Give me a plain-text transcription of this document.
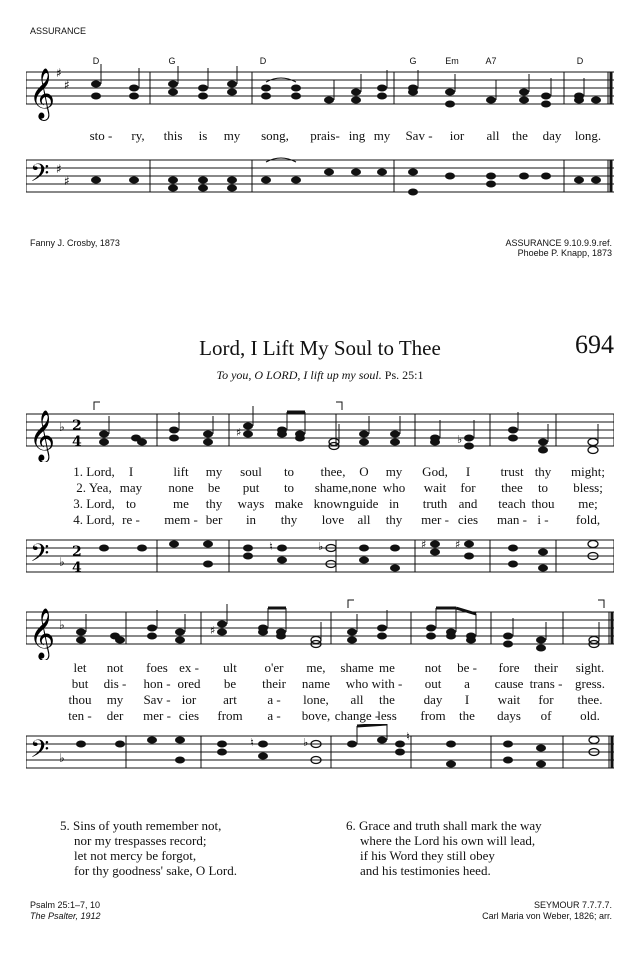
ASSURANCE
D	G	D	G	Em	A7	D
𝄞 ♯
♯
sto - ry, this is my song, prais- ing my Sav - ior all the day long.
𝄢 ♯
♯
Fanny J. Crosby, 1873	ASSURANCE 9.10.9.9.ref.
Phoebe P. Knapp, 1873
Lord, I Lift My Soul to Thee	694
To you, O LORD, I lift up my soul. Ps. 25:1
𝄞 ♭ 2
4
♯
♭
1. Lord, I	lift my soul to thee, O my God, I trust thy might;
2. Yea, may none be put to shame, none who wait for thee to bless;
3. Lord, to	me thy ways make known,
guide in truth and teach thou me;
4. Lord, re - mem - ber in thy love all thy mer - cies man - i - fold,
𝄢 ♭
2
4
♮	♯	♯
♭
𝄞 ♭	♯
let not foes ex - ult o'er me, shame me not be - fore their sight.
but dis - hon - ored be their name who with - out a cause trans - gress.
thou my Sav - ior art a - lone, all the day I wait for thee.
ten - der mer - cies from a - bove, change -
less from the days of old.
𝄢 ♭
♮	♭	♮
5. Sins of youth remember not,
nor my trespasses record;
let not mercy be forgot,
for thy goodness' sake, O Lord.
6. Grace and truth shall mark the way
where the Lord his own will lead,
if his Word they still obey
and his testimonies heed.
Psalm 25:1–7, 10
The Psalter, 1912
SEYMOUR 7.7.7.7.
Carl Maria von Weber, 1826; arr.
